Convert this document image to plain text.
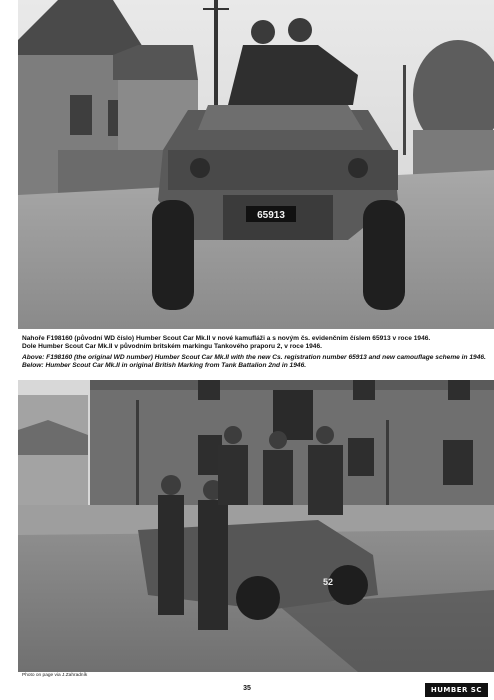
65913
Nahoře F198160 (původní WD číslo) Humber Scout Car Mk.II v nové kamufláži a s novým čs. evidenčním číslem 65913 v roce 1946.
Dole Humber Scout Car Mk.II v původním britském markingu Tankového praporu 2, v roce 1946.
Above: F198160 (the original WD number) Humber Scout Car Mk.II with the new Cs. registration number 65913 and new camouflage scheme in 1946.
Below: Humber Scout Car Mk.II in original British Marking from Tank Battalion 2nd in 1946.
52
Photo on page via J.Zahradník
35	HUMBER SC
